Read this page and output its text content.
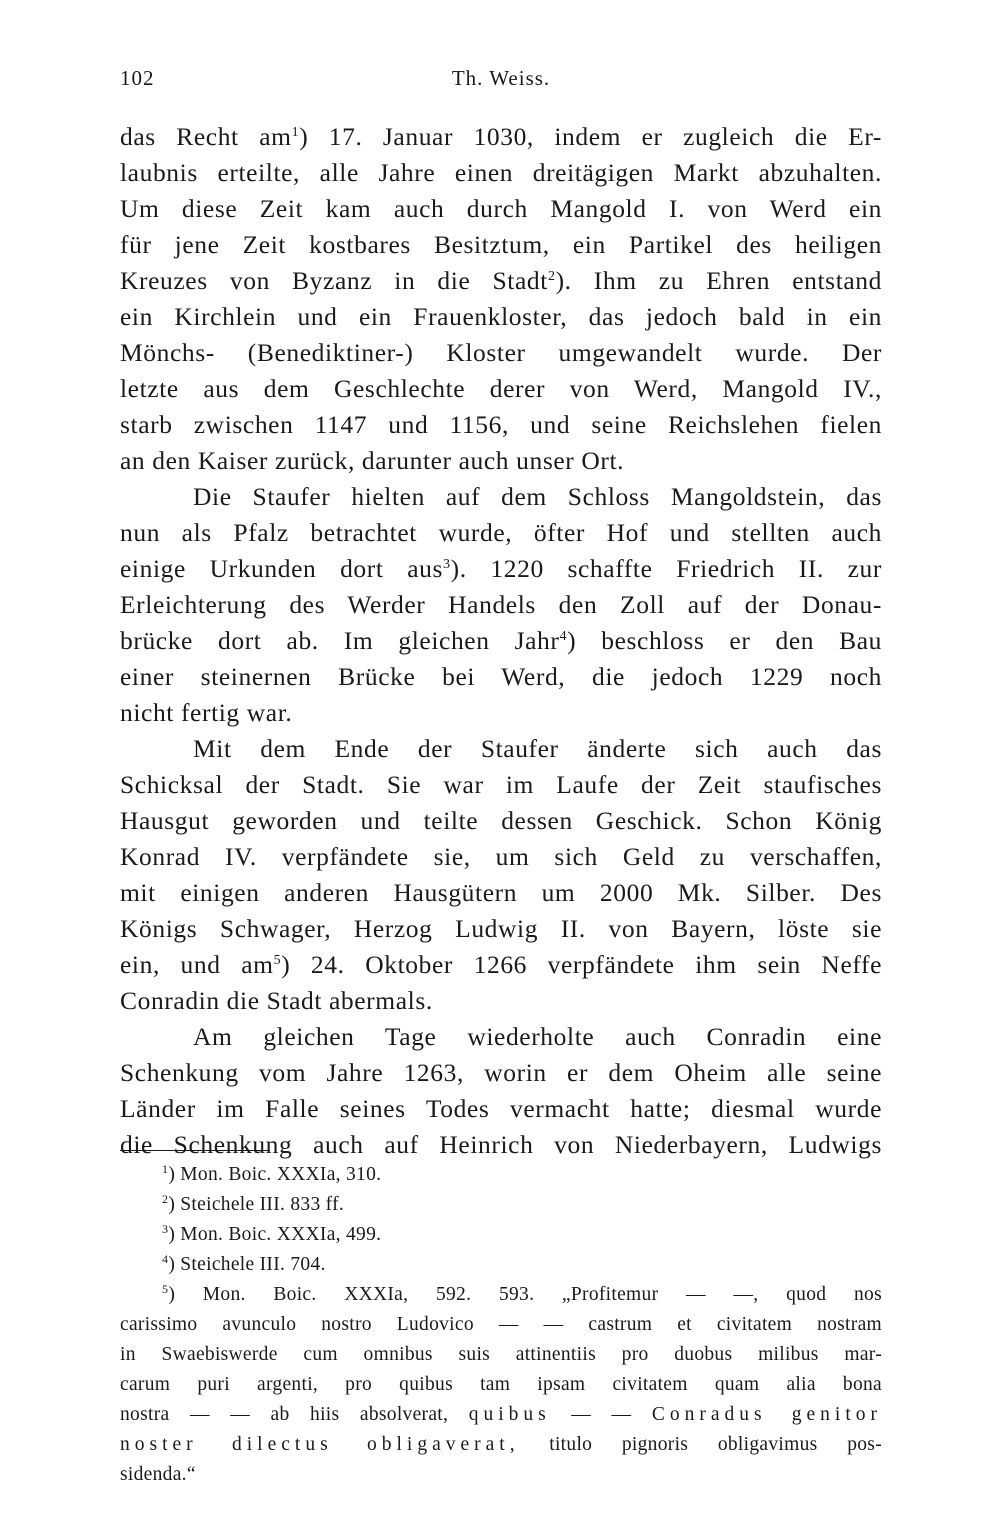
102	Th. Weiss.

das Recht $am^1$) 17. Januar 1030, indem er zugleich die Er-
laubnis erteilte, alle Jahre einen dreitägigen Markt abzuhalten.
Um diese Zeit kam auch durch Mangold I. von Werd ein
für jene Zeit kostbares Besitztum, ein Partikel des heiligen
Kreuzes von Byzanz in die Stadt$^2$). Ihm zu Ehren entstand
ein Kirchlein und ein Frauenkloster, das jedoch bald in ein
Mönchs- (Benediktiner-) Kloster umgewandelt wurde. Der
letzte aus dem Geschlechte derer von Werd, Mangold IV.,
starb zwischen 1147 und 1156, und seine Reichslehen fielen
an den Kaiser zurück, darunter auch unser Ort.

Die Staufer hielten auf dem Schloss Mangoldstein, das
nun als Pfalz betrachtet wurde, öfter Hof und stellten auch
einige Urkunden dort aus$^3$). 1220 schaffte Friedrich II. zur
Erleichterung des Werder Handels den Zoll auf der Donau-
brücke dort ab. Im gleichen Jahr$^4$) beschloss er den Bau
einer steinernen Brücke bei Werd, die jedoch 1229 noch
nicht fertig war.

Mit dem Ende der Staufer änderte sich auch das
Schicksal der Stadt. Sie war im Laufe der Zeit staufisches
Hausgut geworden und teilte dessen Geschick. Schon König
Konrad IV. verpfändete sie, um sich Geld zu verschaffen,
mit einigen anderen Hausgütern um 2000 Mk. Silber. Des
Königs Schwager, Herzog Ludwig II. von Bayern, löste sie
ein, und $am^5$) 24. Oktober 1266 verpfändete ihm sein Neffe
Conradin die Stadt abermals.

Am gleichen Tage wiederholte auch Conradin eine
Schenkung vom Jahre 1263, worin er dem Oheim alle seine
Länder im Falle seines Todes vermacht hatte; diesmal wurde
die Schenkung auch auf Heinrich von Niederbayern, Ludwigs

$^1$) Mon. Boic. XXXIa, 310.
$^2$) Steichele III. 833 ff.
$^3$) Mon. Boic. XXXIa, 499.
$^4$) Steichele III. 704.
$^5$) Mon. Boic. XXXIa, 592. 593. „Profitemur — —, quod nos
carissimo avunculo nostro Ludovico — — castrum et civitatem nostram
in Swaebiswerde cum omnibus suis attinentiis pro duobus milibus mar-
carum puri argenti, pro quibus tam ipsam civitatem quam alia bona
nostra — — ab hiis absolverat, quibus — — Conradus genitor
noster dilectus obligaverat, titulo pignoris obligavimus pos-
sidenda.“
